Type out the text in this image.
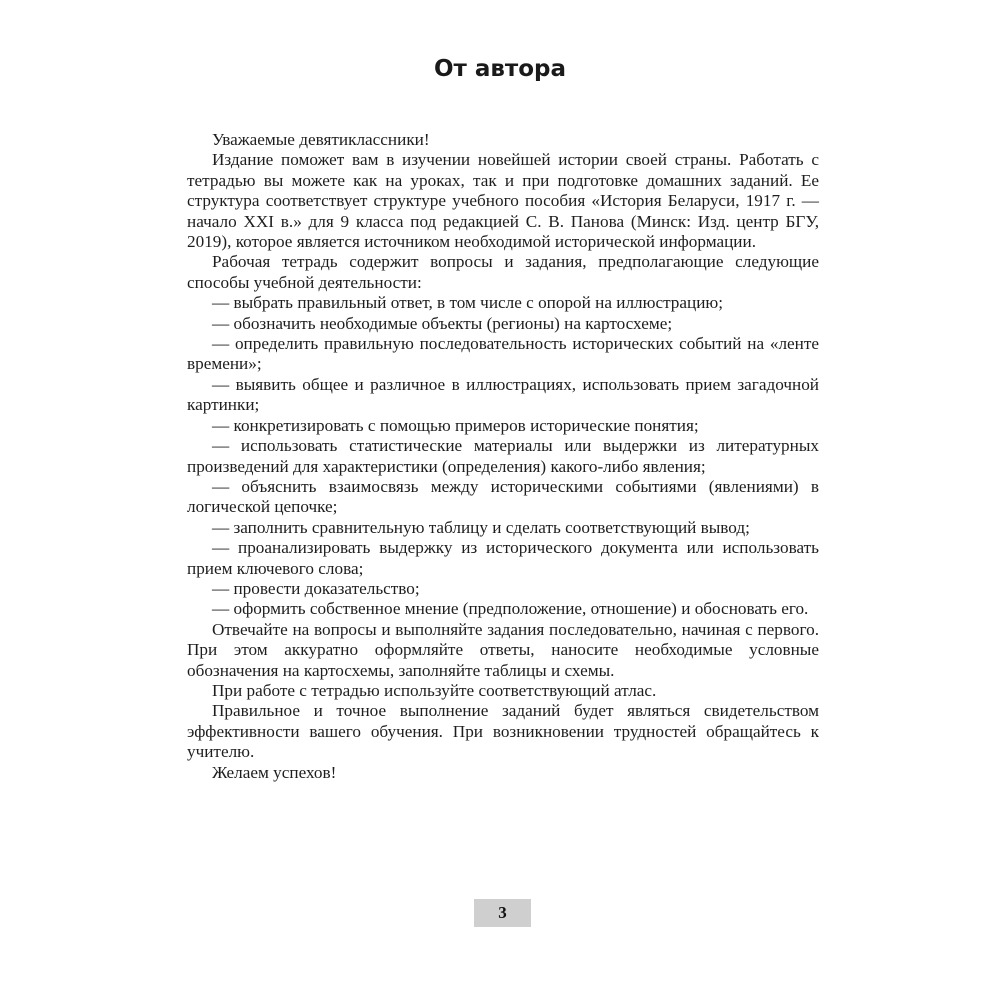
От автора

Уважаемые девятиклассники!

Издание поможет вам в изучении новейшей истории своей страны. Работать с тетрадью вы можете как на уроках, так и при подготовке домашних заданий. Ее структура соответствует структуре учебного пособия «История Беларуси, 1917 г. — начало XXI в.» для 9 класса под редакцией С. В. Панова (Минск: Изд. центр БГУ, 2019), которое является источником необходимой исторической информации.

Рабочая тетрадь содержит вопросы и задания, предполагающие следующие способы учебной деятельности:

— выбрать правильный ответ, в том числе с опорой на иллюстрацию;

— обозначить необходимые объекты (регионы) на картосхеме;

— определить правильную последовательность исторических событий на «ленте времени»;

— выявить общее и различное в иллюстрациях, использовать прием загадочной картинки;

— конкретизировать с помощью примеров исторические понятия;

— использовать статистические материалы или выдержки из литературных произведений для характеристики (определения) какого-либо явления;

— объяснить взаимосвязь между историческими событиями (явлениями) в логической цепочке;

— заполнить сравнительную таблицу и сделать соответствующий вывод;

— проанализировать выдержку из исторического документа или использовать прием ключевого слова;

— провести доказательство;

— оформить собственное мнение (предположение, отношение) и обосновать его.

Отвечайте на вопросы и выполняйте задания последовательно, начиная с первого. При этом аккуратно оформляйте ответы, наносите необходимые условные обозначения на картосхемы, заполняйте таблицы и схемы.

При работе с тетрадью используйте соответствующий атлас.

Правильное и точное выполнение заданий будет являться свидетельством эффективности вашего обучения. При возникновении трудностей обращайтесь к учителю.

Желаем успехов!

3
